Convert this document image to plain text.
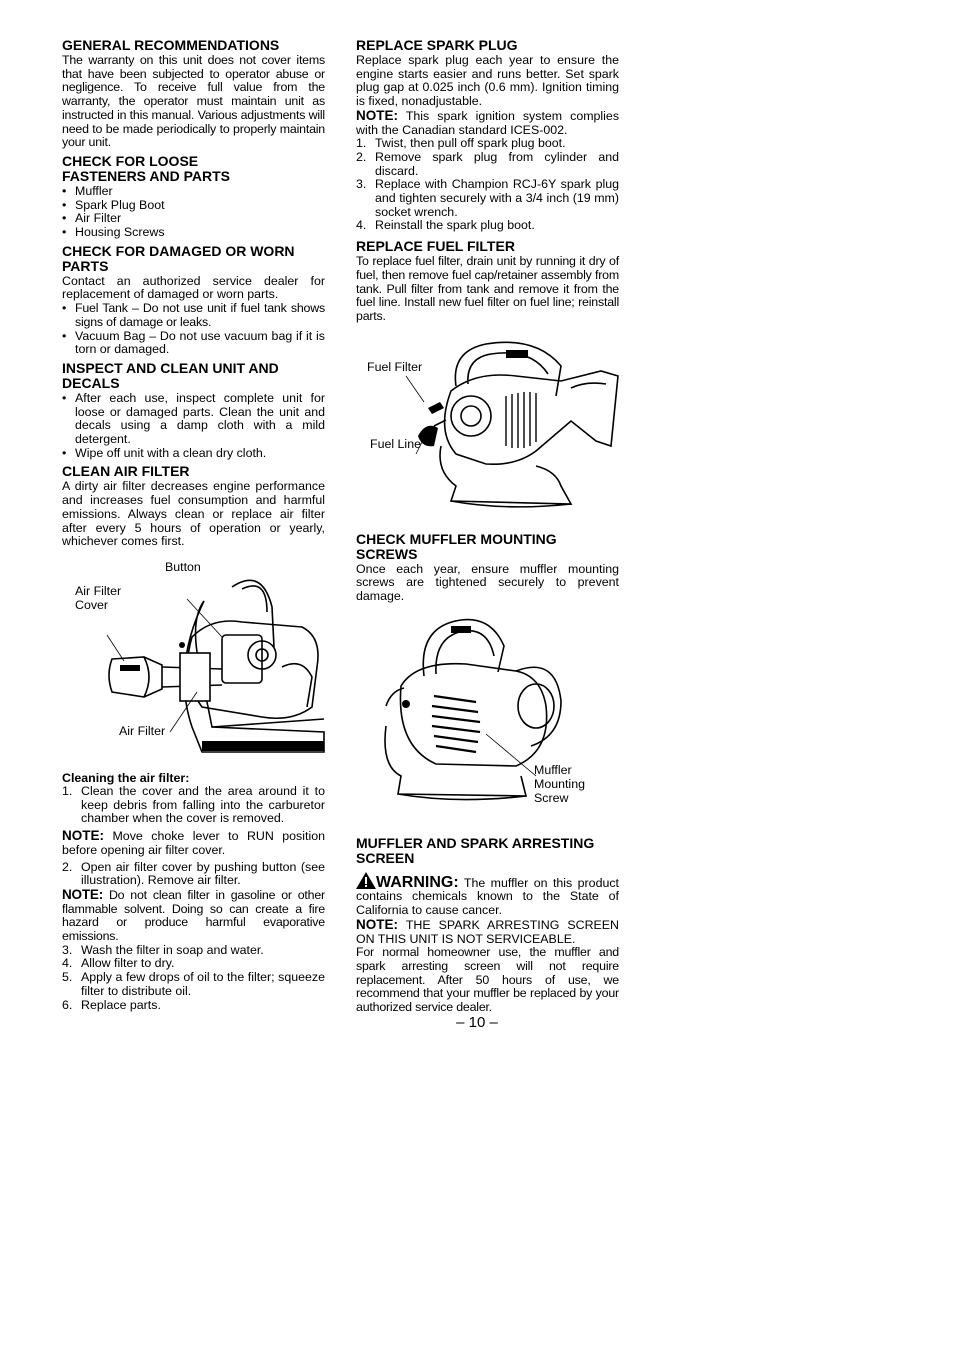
GENERAL RECOMMENDATIONS

The warranty on this unit does not cover items that have been subjected to operator abuse or negligence. To receive full value from the warranty, the operator must maintain unit as instructed in this manual. Various adjustments will need to be made periodically to properly maintain your unit.

CHECK FOR LOOSE FASTENERS AND PARTS
• Muffler
• Spark Plug Boot
• Air Filter
• Housing Screws
CHECK FOR DAMAGED OR WORN PARTS

Contact an authorized service dealer for replacement of damaged or worn parts.

• Fuel Tank – Do not use unit if fuel tank shows signs of damage or leaks.
• Vacuum Bag – Do not use vacuum bag if it is torn or damaged.
INSPECT AND CLEAN UNIT AND DECALS
• After each use, inspect complete unit for loose or damaged parts. Clean the unit and decals using a damp cloth with a mild detergent.
• Wipe off unit with a clean dry cloth.
CLEAN AIR FILTER

A dirty air filter decreases engine performance and increases fuel consumption and harmful emissions. Always clean or replace air filter after every 5 hours of operation or yearly, whichever comes first.

Button
Air Filter
Cover
Air Filter
Cleaning the air filter:
1. Clean the cover and the area around it to keep debris from falling into the carburetor chamber when the cover is removed.

NOTE: Move choke lever to RUN position before opening air filter cover.

2. Open air filter cover by pushing button (see illustration). Remove air filter.

NOTE: Do not clean filter in gasoline or other flammable solvent. Doing so can create a fire hazard or produce harmful evaporative emissions.

3. Wash the filter in soap and water.
4. Allow filter to dry.
5. Apply a few drops of oil to the filter; squeeze filter to distribute oil.
6. Replace parts.
REPLACE SPARK PLUG

Replace spark plug each year to ensure the engine starts easier and runs better. Set spark plug gap at 0.025 inch (0.6 mm). Ignition timing is fixed, nonadjustable.

NOTE: This spark ignition system complies with the Canadian standard ICES-002.

1. Twist, then pull off spark plug boot.
2. Remove spark plug from cylinder and discard.
3. Replace with Champion RCJ-6Y spark plug and tighten securely with a 3/4 inch (19 mm) socket wrench.
4. Reinstall the spark plug boot.
REPLACE FUEL FILTER

To replace fuel filter, drain unit by running it dry of fuel, then remove fuel cap/retainer assembly from tank. Pull filter from tank and remove it from the fuel line. Install new fuel filter on fuel line; reinstall parts.

Fuel Filter
Fuel Line
CHECK MUFFLER MOUNTING SCREWS

Once each year, ensure muffler mounting screws are tightened securely to prevent damage.

Muffler
Mounting
Screw
MUFFLER AND SPARK ARRESTING SCREEN

WARNING: The muffler on this product contains chemicals known to the State of California to cause cancer.

NOTE: THE SPARK ARRESTING SCREEN ON THIS UNIT IS NOT SERVICEABLE.

For normal homeowner use, the muffler and spark arresting screen will not require replacement. After 50 hours of use, we recommend that your muffler be replaced by your authorized service dealer.

– 10 –
